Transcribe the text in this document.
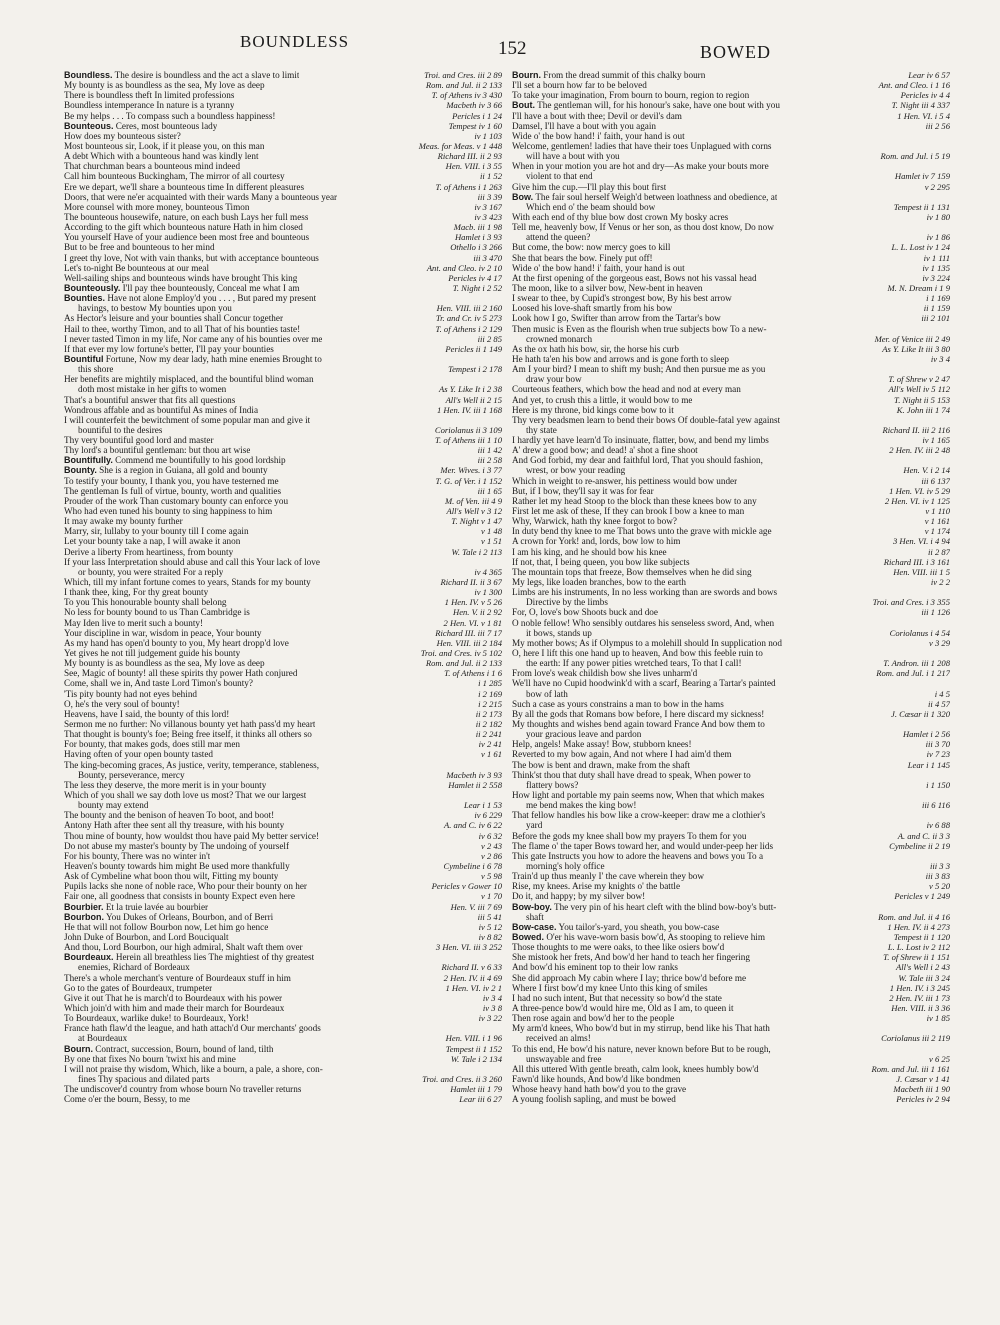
BOUNDLESS	152	BOWED
Boundless. The desire is boundless and the act a slave to limit	Troi. and Cres. iii 2 89
My bounty is as boundless as the sea, My love as deep	Rom. and Jul. ii 2 133
There is boundless theft In limited professions	T. of Athens iv 3 430
Boundless intemperance In nature is a tyranny	Macbeth iv 3 66
Be my helps . . . To compass such a boundless happiness!	Pericles i 1 24
Bounteous. Ceres, most bounteous lady	Tempest iv 1 60
How does my bounteous sister?	iv 1 103
Most bounteous sir, Look, if it please you, on this man	Meas. for Meas. v 1 448
A debt Which with a bounteous hand was kindly lent	Richard III. ii 2 93
That churchman bears a bounteous mind indeed	Hen. VIII. i 3 55
Call him bounteous Buckingham, The mirror of all courtesy	ii 1 52
Ere we depart, we'll share a bounteous time In different pleasures	T. of Athens i 1 263
Doors, that were ne'er acquainted with their wards Many a bounteous year	iii 3 39
More counsel with more money, bounteous Timon	iv 3 167
The bounteous housewife, nature, on each bush Lays her full mess	iv 3 423
According to the gift which bounteous nature Hath in him closed	Macb. iii 1 98
You yourself Have of your audience been most free and bounteous	Hamlet i 3 93
But to be free and bounteous to her mind	Othello i 3 266
I greet thy love, Not with vain thanks, but with acceptance bounteous	iii 3 470
Let's to-night Be bounteous at our meal	Ant. and Cleo. iv 2 10
Well-sailing ships and bounteous winds have brought This king	Pericles iv 4 17
Bounteously. I'll pay thee bounteously, Conceal me what I am	T. Night i 2 52
Bounties. Have not alone Employ'd you . . . , But pared my present
havings, to bestow My bounties upon you	Hen. VIII. iii 2 160
As Hector's leisure and your bounties shall Concur together	Tr. and Cr. iv 5 273
Hail to thee, worthy Timon, and to all That of his bounties taste!	T. of Athens i 2 129
I never tasted Timon in my life, Nor came any of his bounties over me	iii 2 85
If that ever my low fortune's better, I'll pay your bounties	Pericles ii 1 149
Bountiful Fortune, Now my dear lady, hath mine enemies Brought to
this shore	Tempest i 2 178
Her benefits are mightily misplaced, and the bountiful blind woman
doth most mistake in her gifts to women	As Y. Like It i 2 38
That's a bountiful answer that fits all questions	All's Well ii 2 15
Wondrous affable and as bountiful As mines of India	1 Hen. IV. iii 1 168
I will counterfeit the bewitchment of some popular man and give it
bountiful to the desires	Coriolanus ii 3 109
Thy very bountiful good lord and master	T. of Athens iii 1 10
Thy lord's a bountiful gentleman: but thou art wise	iii 1 42
Bountifully. Commend me bountifully to his good lordship	iii 2 58
Bounty. She is a region in Guiana, all gold and bounty	Mer. Wives. i 3 77
To testify your bounty, I thank you, you have testerned me	T. G. of Ver. i 1 152
The gentleman Is full of virtue, bounty, worth and qualities	iii 1 65
Prouder of the work Than customary bounty can enforce you	M. of Ven. iii 4 9
Who had even tuned his bounty to sing happiness to him	All's Well v 3 12
It may awake my bounty further	T. Night v 1 47
Marry, sir, lullaby to your bounty till I come again	v 1 48
Let your bounty take a nap, I will awake it anon	v 1 51
Derive a liberty From heartiness, from bounty	W. Tale i 2 113
If your lass Interpretation should abuse and call this Your lack of love
or bounty, you were straited For a reply	iv 4 365
Which, till my infant fortune comes to years, Stands for my bounty	Richard II. ii 3 67
I thank thee, king, For thy great bounty	iv 1 300
To you This honourable bounty shall belong	1 Hen. IV. v 5 26
No less for bounty bound to us Than Cambridge is	Hen. V. ii 2 92
May Iden live to merit such a bounty!	2 Hen. VI. v 1 81
Your discipline in war, wisdom in peace, Your bounty	Richard III. iii 7 17
As my hand has open'd bounty to you, My heart dropp'd love	Hen. VIII. iii 2 184
Yet gives he not till judgement guide his bounty	Troi. and Cres. iv 5 102
My bounty is as boundless as the sea, My love as deep	Rom. and Jul. ii 2 133
See, Magic of bounty! all these spirits thy power Hath conjured	T. of Athens i 1 6
Come, shall we in, And taste Lord Timon's bounty?	i 1 285
'Tis pity bounty had not eyes behind	i 2 169
O, he's the very soul of bounty!	i 2 215
Heavens, have I said, the bounty of this lord!	ii 2 173
Sermon me no further: No villanous bounty yet hath pass'd my heart	ii 2 182
That thought is bounty's foe; Being free itself, it thinks all others so	ii 2 241
For bounty, that makes gods, does still mar men	iv 2 41
Having often of your open bounty tasted	v 1 61
The king-becoming graces, As justice, verity, temperance, stableness,
Bounty, perseverance, mercy	Macbeth iv 3 93
The less they deserve, the more merit is in your bounty	Hamlet ii 2 558
Which of you shall we say doth love us most? That we our largest
bounty may extend	Lear i 1 53
The bounty and the benison of heaven To boot, and boot!	iv 6 229
Antony Hath after thee sent all thy treasure, with his bounty	A. and C. iv 6 22
Thou mine of bounty, how wouldst thou have paid My better service!	iv 6 32
Do not abuse my master's bounty by The undoing of yourself	v 2 43
For his bounty, There was no winter in't	v 2 86
Heaven's bounty towards him might Be used more thankfully	Cymbeline i 6 78
Ask of Cymbeline what boon thou wilt, Fitting my bounty	v 5 98
Pupils lacks she none of noble race, Who pour their bounty on her	Pericles v Gower 10
Fair one, all goodness that consists in bounty Expect even here	v 1 70
Bourbier. Et la truie lavée au bourbier	Hen. V. iii 7 69
Bourbon. You Dukes of Orleans, Bourbon, and of Berri	iii 5 41
He that will not follow Bourbon now, Let him go hence	iv 5 12
John Duke of Bourbon, and Lord Bouciqualt	iv 8 82
And thou, Lord Bourbon, our high admiral, Shalt waft them over	3 Hen. VI. iii 3 252
Bourdeaux. Herein all breathless lies The mightiest of thy greatest
enemies, Richard of Bordeaux	Richard II. v 6 33
There's a whole merchant's venture of Bourdeaux stuff in him	2 Hen. IV. ii 4 69
Go to the gates of Bourdeaux, trumpeter	1 Hen. VI. iv 2 1
Give it out That he is march'd to Bourdeaux with his power	iv 3 4
Which join'd with him and made their march for Bourdeaux	iv 3 8
To Bourdeaux, warlike duke! to Bourdeaux, York!	iv 3 22
France hath flaw'd the league, and hath attach'd Our merchants' goods
at Bourdeaux	Hen. VIII. i 1 96
Bourn. Contract, succession, Bourn, bound of land, tilth	Tempest ii 1 152
By one that fixes No bourn 'twixt his and mine	W. Tale i 2 134
I will not praise thy wisdom, Which, like a bourn, a pale, a shore, con-
fines Thy spacious and dilated parts	Troi. and Cres. ii 3 260
The undiscover'd country from whose bourn No traveller returns	Hamlet iii 1 79
Come o'er the bourn, Bessy, to me	Lear iii 6 27
Bourn. From the dread summit of this chalky bourn	Lear iv 6 57
I'll set a bourn how far to be beloved	Ant. and Cleo. i 1 16
To take your imagination, From bourn to bourn, region to region	Pericles iv 4 4
Bout. The gentleman will, for his honour's sake, have one bout with you	T. Night iii 4 337
I'll have a bout with thee; Devil or devil's dam	1 Hen. VI. i 5 4
Damsel, I'll have a bout with you again	iii 2 56
Wide o' the bow hand! i' faith, your hand is out
Welcome, gentlemen! ladies that have their toes Unplagued with corns
will have a bout with you	Rom. and Jul. i 5 19
When in your motion you are hot and dry—As make your bouts more
violent to that end	Hamlet iv 7 159
Give him the cup.—I'll play this bout first	v 2 295
Bow. The fair soul herself Weigh'd between loathness and obedience, at
Which end o' the beam should bow	Tempest ii 1 131
With each end of thy blue bow dost crown My bosky acres	iv 1 80
Tell me, heavenly bow, If Venus or her son, as thou dost know, Do now
attend the queen?	iv 1 86
But come, the bow: now mercy goes to kill	L. L. Lost iv 1 24
She that bears the bow. Finely put off!	iv 1 111
Wide o' the bow hand! i' faith, your hand is out	iv 1 135
At the first opening of the gorgeous east, Bows not his vassal head	iv 3 224
The moon, like to a silver bow, New-bent in heaven	M. N. Dream i 1 9
I swear to thee, by Cupid's strongest bow, By his best arrow	i 1 169
Loosed his love-shaft smartly from his bow	ii 1 159
Look how I go, Swifter than arrow from the Tartar's bow	iii 2 101
Then music is Even as the flourish when true subjects bow To a new-
crowned monarch	Mer. of Venice iii 2 49
As the ox hath his bow, sir, the horse his curb	As Y. Like It iii 3 80
He hath ta'en his bow and arrows and is gone forth to sleep	iv 3 4
Am I your bird? I mean to shift my bush; And then pursue me as you
draw your bow	T. of Shrew v 2 47
Courteous feathers, which bow the head and nod at every man	All's Well iv 5 112
And yet, to crush this a little, it would bow to me	T. Night ii 5 153
Here is my throne, bid kings come bow to it	K. John iii 1 74
Thy very beadsmen learn to bend their bows Of double-fatal yew against
thy state	Richard II. iii 2 116
I hardly yet have learn'd To insinuate, flatter, bow, and bend my limbs	iv 1 165
A' drew a good bow; and dead! a' shot a fine shoot	2 Hen. IV. iii 2 48
And God forbid, my dear and faithful lord, That you should fashion,
wrest, or bow your reading	Hen. V. i 2 14
Which in weight to re-answer, his pettiness would bow under	iii 6 137
But, if I bow, they'll say it was for fear	1 Hen. VI. iv 5 29
Rather let my head Stoop to the block than these knees bow to any	2 Hen. VI. iv 1 125
First let me ask of these, If they can brook I bow a knee to man	v 1 110
Why, Warwick, hath thy knee forgot to bow?	v 1 161
In duty bend thy knee to me That bows unto the grave with mickle age	v 1 174
A crown for York! and, lords, bow low to him	3 Hen. VI. i 4 94
I am his king, and he should bow his knee	ii 2 87
If not, that, I being queen, you bow like subjects	Richard III. i 3 161
The mountain tops that freeze, Bow themselves when he did sing	Hen. VIII. iii 1 5
My legs, like loaden branches, bow to the earth	iv 2 2
Limbs are his instruments, In no less working than are swords and bows
Directive by the limbs	Troi. and Cres. i 3 355
For, O, love's bow Shoots buck and doe	iii 1 126
O noble fellow! Who sensibly outdares his senseless sword, And, when
it bows, stands up	Coriolanus i 4 54
My mother bows; As if Olympus to a molehill should In supplication nod	v 3 29
O, here I lift this one hand up to heaven, And bow this feeble ruin to
the earth: If any power pities wretched tears, To that I call!	T. Andron. iii 1 208
From love's weak childish bow she lives unharm'd	Rom. and Jul. i 1 217
We'll have no Cupid hoodwink'd with a scarf, Bearing a Tartar's painted
bow of lath	i 4 5
Such a case as yours constrains a man to bow in the hams	ii 4 57
By all the gods that Romans bow before, I here discard my sickness!	J. Cæsar ii 1 320
My thoughts and wishes bend again toward France And bow them to
your gracious leave and pardon	Hamlet i 2 56
Help, angels! Make assay! Bow, stubborn knees!	iii 3 70
Reverted to my bow again, And not where I had aim'd them	iv 7 23
The bow is bent and drawn, make from the shaft	Lear i 1 145
Think'st thou that duty shall have dread to speak, When power to
flattery bows?	i 1 150
How light and portable my pain seems now, When that which makes
me bend makes the king bow!	iii 6 116
That fellow handles his bow like a crow-keeper: draw me a clothier's
yard	iv 6 88
Before the gods my knee shall bow my prayers To them for you	A. and C. ii 3 3
The flame o' the taper Bows toward her, and would under-peep her lids	Cymbeline ii 2 19
This gate Instructs you how to adore the heavens and bows you To a
morning's holy office	iii 3 3
Train'd up thus meanly I' the cave wherein they bow	iii 3 83
Rise, my knees. Arise my knights o' the battle	v 5 20
Do it, and happy; by my silver bow!	Pericles v 1 249
Bow-boy. The very pin of his heart cleft with the blind bow-boy's butt-
shaft	Rom. and Jul. ii 4 16
Bow-case. You tailor's-yard, you sheath, you bow-case	1 Hen. IV. ii 4 273
Bowed. O'er his wave-worn basis bow'd, As stooping to relieve him	Tempest ii 1 120
Those thoughts to me were oaks, to thee like osiers bow'd	L. L. Lost iv 2 112
She mistook her frets, And bow'd her hand to teach her fingering	T. of Shrew ii 1 151
And bow'd his eminent top to their low ranks	All's Well i 2 43
She did approach My cabin where I lay; thrice bow'd before me	W. Tale iii 3 24
Where I first bow'd my knee Unto this king of smiles	1 Hen. IV. i 3 245
I had no such intent, But that necessity so bow'd the state	2 Hen. IV. iii 1 73
A three-pence bow'd would hire me, Old as I am, to queen it	Hen. VIII. ii 3 36
Then rose again and bow'd her to the people	iv 1 85
My arm'd knees, Who bow'd but in my stirrup, bend like his That hath
received an alms!	Coriolanus iii 2 119
To this end, He bow'd his nature, never known before But to be rough,
unswayable and free	v 6 25
All this uttered With gentle breath, calm look, knees humbly bow'd	Rom. and Jul. iii 1 161
Fawn'd like hounds, And bow'd like bondmen	J. Cæsar v 1 41
Whose heavy hand hath bow'd you to the grave	Macbeth iii 1 90
A young foolish sapling, and must be bowed	Pericles iv 2 94
